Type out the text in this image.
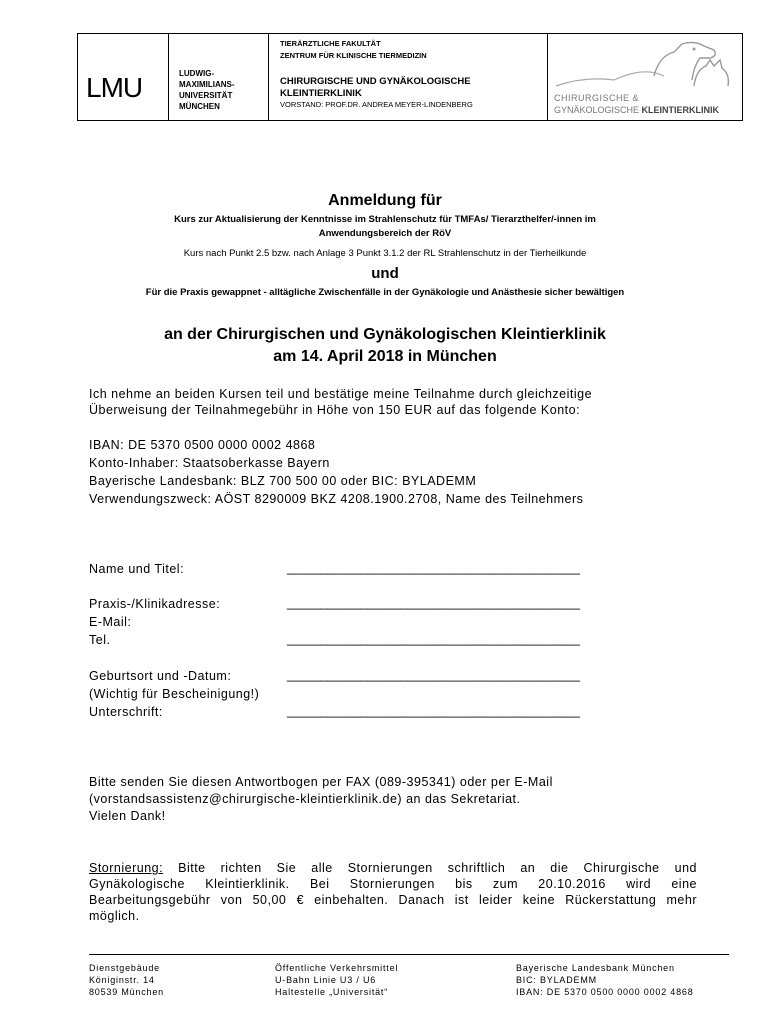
LMU	LUDWIG-
MAXIMILIANS-
UNIVERSITÄT
MÜNCHEN
TIERÄRZTLICHE FAKULTÄT
ZENTRUM FÜR KLINISCHE TIERMEDIZIN
CHIRURGISCHE UND GYNÄKOLOGISCHE
KLEINTIERKLINIK
VORSTAND: PROF.DR. ANDREA MEYER-LINDENBERG
CHIRURGISCHE &
GYNÄKOLOGISCHE KLEINTIERKLINIK
Anmeldung für
Kurs zur Aktualisierung der Kenntnisse im Strahlenschutz für TMFAs/ Tierarzthelfer/-innen im
Anwendungsbereich der RöV
Kurs nach Punkt 2.5 bzw. nach Anlage 3 Punkt 3.1.2 der RL Strahlenschutz in der Tierheilkunde
und
Für die Praxis gewappnet - alltägliche Zwischenfälle in der Gynäkologie und Anästhesie sicher bewältigen
an der Chirurgischen und Gynäkologischen Kleintierklinik
am 14. April 2018 in München
Ich nehme an beiden Kursen teil und bestätige meine Teilnahme durch gleichzeitige
Überweisung der Teilnahmegebühr in Höhe von 150 EUR auf das folgende Konto:
IBAN: DE 5370 0500 0000 0002 4868
Konto-Inhaber: Staatsoberkasse Bayern
Bayerische Landesbank: BLZ 700 500 00 oder BIC: BYLADEMM
Verwendungszweck: AÖST 8290009 BKZ 4208.1900.2708, Name des Teilnehmers
Name und Titel:	____________________________________________
Praxis-/Klinikadresse:	____________________________________________
E-Mail:
Tel.	____________________________________________
Geburtsort und -Datum:	____________________________________________
(Wichtig für Bescheinigung!)
Unterschrift:	____________________________________________
Bitte senden Sie diesen Antwortbogen per FAX (089-395341) oder per E-Mail
(vorstandsassistenz@chirurgische-kleintierklinik.de) an das Sekretariat.
Vielen Dank!
Stornierung: Bitte richten Sie alle Stornierungen schriftlich an die Chirurgische und
Gynäkologische Kleintierklinik. Bei Stornierungen bis zum 20.10.2016 wird eine
Bearbeitungsgebühr von 50,00 € einbehalten. Danach ist leider keine Rückerstattung mehr
möglich.
Dienstgebäude
Königinstr. 14
80539 München
Öffentliche Verkehrsmittel
U-Bahn Linie U3 / U6
Haltestelle „Universität“
Bayerische Landesbank München
BIC: BYLADEMM
IBAN: DE 5370 0500 0000 0002 4868
